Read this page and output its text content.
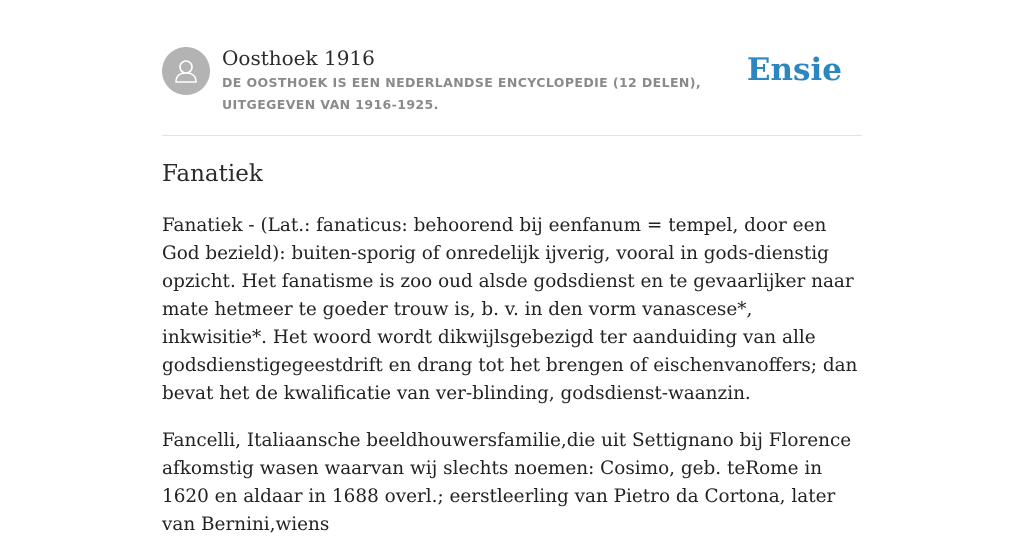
Oosthoek 1916

DE OOSTHOEK IS EEN NEDERLANDSE ENCYCLOPEDIE (12 DELEN), UITGEGEVEN VAN 1916-1925.

Ensie
Fanatiek

Fanatiek - (Lat.: fanaticus: behoorend bij eenfanum = tempel, door een God bezield): buiten-sporig of onredelijk ijverig, vooral in gods-dienstig opzicht. Het fanatisme is zoo oud alsde godsdienst en te gevaarlijker naar mate hetmeer te goeder trouw is, b. v. in den vorm vanascese*, inkwisitie*. Het woord wordt dikwijlsgebezigd ter aanduiding van alle godsdienstigegeestdrift en drang tot het brengen of eischenvanoffers; dan bevat het de kwalificatie van ver-blinding, godsdienst-waanzin.

Fancelli, Italiaansche beeldhouwersfamilie,die uit Settignano bij Florence afkomstig wasen waarvan wij slechts noemen: Cosimo, geb. teRome in 1620 en aldaar in 1688 overl.; eerstleerling van Pietro da Cortona, later van Bernini,wiens
